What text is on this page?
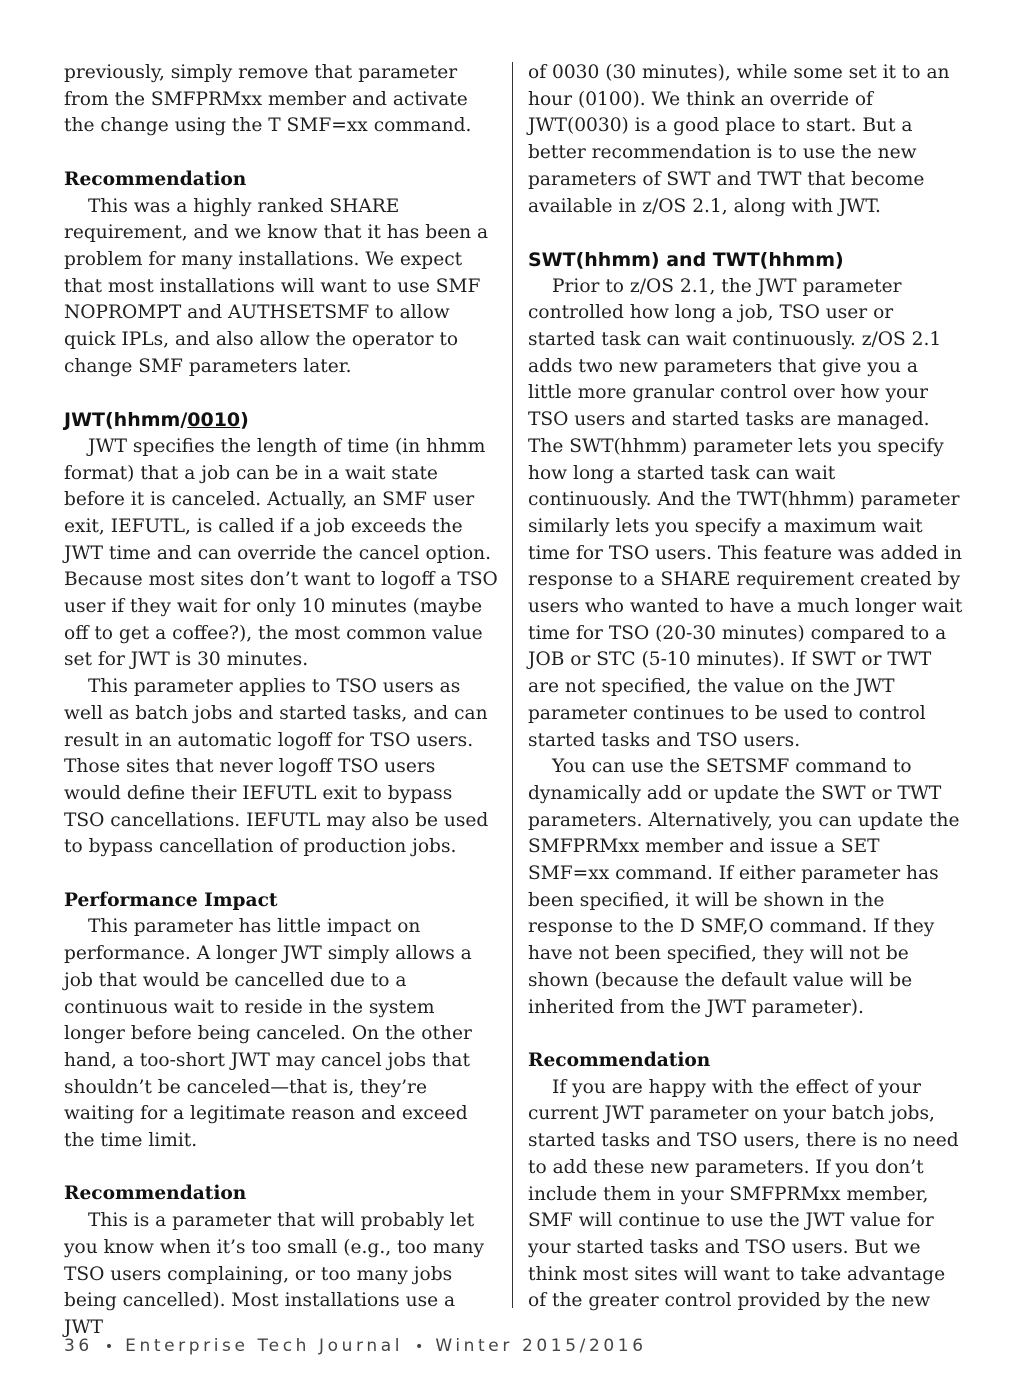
previously, simply remove that parameter from the SMFPRMxx member and activate the change using the T SMF=xx command.

Recommendation

This was a highly ranked SHARE requirement, and we know that it has been a problem for many installations. We expect that most installations will want to use SMF NOPROMPT and AUTHSETSMF to allow quick IPLs, and also allow the operator to change SMF parameters later.

JWT(hhmm/0010)

JWT specifies the length of time (in hhmm format) that a job can be in a wait state before it is canceled. Actually, an SMF user exit, IEFUTL, is called if a job exceeds the JWT time and can override the cancel option. Because most sites don’t want to logoff a TSO user if they wait for only 10 minutes (maybe off to get a coffee?), the most common value set for JWT is 30 minutes.

This parameter applies to TSO users as well as batch jobs and started tasks, and can result in an automatic logoff for TSO users. Those sites that never logoff TSO users would define their IEFUTL exit to bypass TSO cancellations. IEFUTL may also be used to bypass cancellation of production jobs.

Performance Impact

This parameter has little impact on performance. A longer JWT simply allows a job that would be cancelled due to a continuous wait to reside in the system longer before being canceled. On the other hand, a too-short JWT may cancel jobs that shouldn’t be canceled—that is, they’re waiting for a legitimate reason and exceed the time limit.

Recommendation

This is a parameter that will probably let you know when it’s too small (e.g., too many TSO users complaining, or too many jobs being cancelled). Most installations use a JWT

of 0030 (30 minutes), while some set it to an hour (0100). We think an override of JWT(0030) is a good place to start. But a better recommendation is to use the new parameters of SWT and TWT that become available in z/OS 2.1, along with JWT.

SWT(hhmm) and TWT(hhmm)

Prior to z/OS 2.1, the JWT parameter controlled how long a job, TSO user or started task can wait continuously. z/OS 2.1 adds two new parameters that give you a little more granular control over how your TSO users and started tasks are managed. The SWT(hhmm) parameter lets you specify how long a started task can wait continuously. And the TWT(hhmm) parameter similarly lets you specify a maximum wait time for TSO users. This feature was added in response to a SHARE requirement created by users who wanted to have a much longer wait time for TSO (20-30 minutes) compared to a JOB or STC (5-10 minutes). If SWT or TWT are not specified, the value on the JWT parameter continues to be used to control started tasks and TSO users.

You can use the SETSMF command to dynamically add or update the SWT or TWT parameters. Alternatively, you can update the SMFPRMxx member and issue a SET SMF=xx command. If either parameter has been specified, it will be shown in the response to the D SMF,O command. If they have not been specified, they will not be shown (because the default value will be inherited from the JWT parameter).

Recommendation

If you are happy with the effect of your current JWT parameter on your batch jobs, started tasks and TSO users, there is no need to add these new parameters. If you don’t include them in your SMFPRMxx member, SMF will continue to use the JWT value for your started tasks and TSO users. But we think most sites will want to take advantage of the greater control provided by the new

36 • Enterprise Tech Journal • Winter 2015/2016
